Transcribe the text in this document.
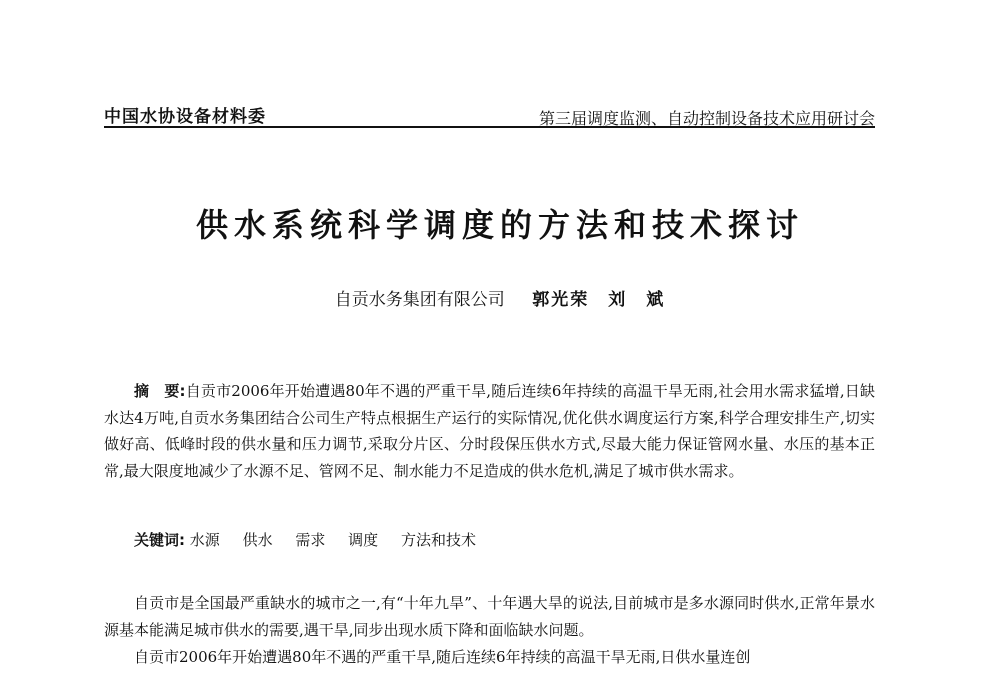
中国水协设备材料委	第三届调度监测、自动控制设备技术应用研讨会
供水系统科学调度的方法和技术探讨
自贡水务集团有限公司 郭光荣　刘　斌
摘　要:自贡市2006年开始遭遇80年不遇的严重干旱,随后连续6年持续的高温干旱无雨,社会用水需求猛增,日缺水达4万吨,自贡水务集团结合公司生产特点根据生产运行的实际情况,优化供水调度运行方案,科学合理安排生产,切实做好高、低峰时段的供水量和压力调节,采取分片区、分时段保压供水方式,尽最大能力保证管网水量、水压的基本正常,最大限度地减少了水源不足、管网不足、制水能力不足造成的供水危机,满足了城市供水需求。
关键词: 水源 供水 需求 调度 方法和技术

自贡市是全国最严重缺水的城市之一,有“十年九旱”、十年遇大旱的说法,目前城市是多水源同时供水,正常年景水源基本能满足城市供水的需要,遇干旱,同步出现水质下降和面临缺水问题。

自贡市2006年开始遭遇80年不遇的严重干旱,随后连续6年持续的高温干旱无雨,日供水量连创
